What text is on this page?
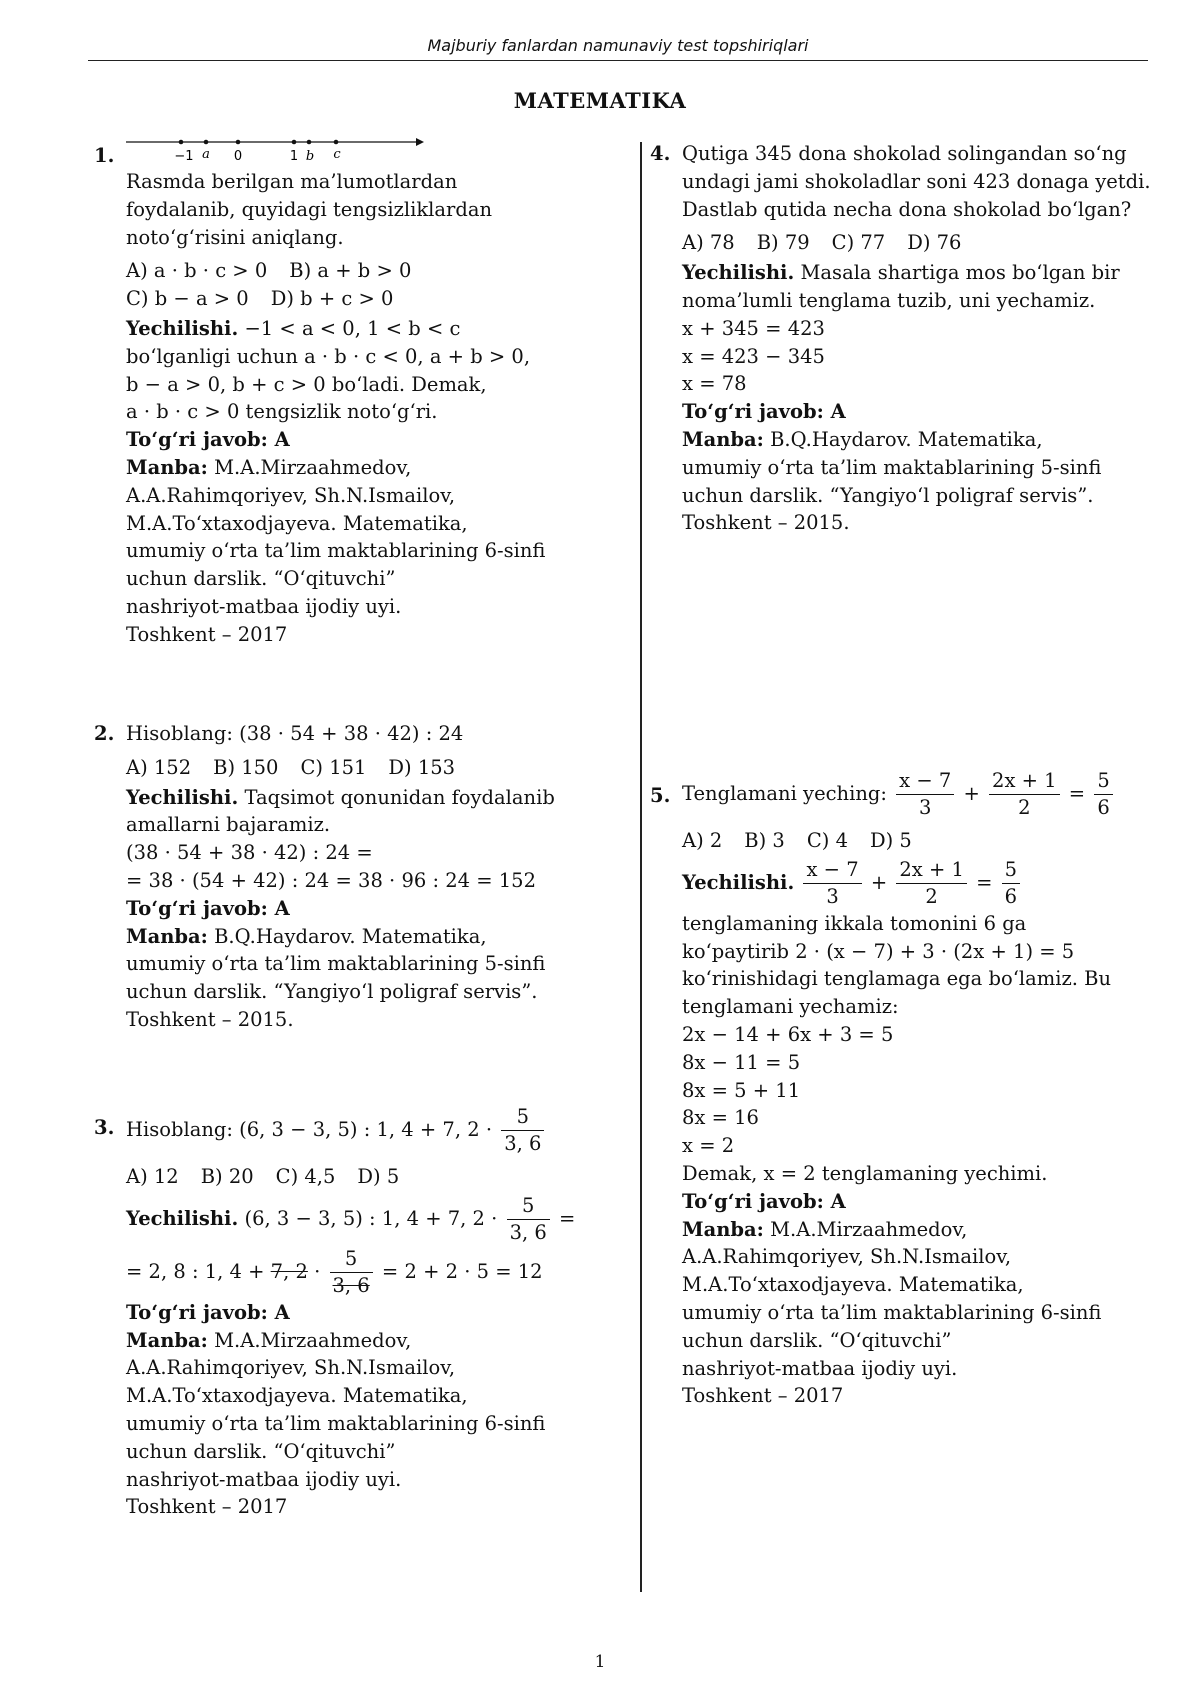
Majburiy fanlardan namunaviy test topshiriqlari
MATEMATIKA
1.	−1 a 0	1 b c
Rasmda berilgan ma’lumotlardan foydalanib, quyidagi tengsizliklardan noto‘g‘risini aniqlang.
A) a · b · c > 0 B) a + b > 0
C) b − a > 0 D) b + c > 0
Yechilishi. −1 < a < 0, 1 < b < c
bo‘lganligi uchun a · b · c < 0, a + b > 0,
b − a > 0, b + c > 0 bo‘ladi. Demak,
a · b · c > 0 tengsizlik noto‘g‘ri.
To‘g‘ri javob: A
Manba: M.A.Mirzaahmedov,
A.A.Rahimqoriyev, Sh.N.Ismailov,
M.A.To‘xtaxodjayeva. Matematika,
umumiy o‘rta ta’lim maktablarining 6-sinfi
uchun darslik. “O‘qituvchi”
nashriyot-matbaa ijodiy uyi.
Toshkent – 2017
2. Hisoblang: (38 · 54 + 38 · 42) : 24
A) 152 B) 150 C) 151 D) 153
Yechilishi. Taqsimot qonunidan foydalanib amallarni bajaramiz.
(38 · 54 + 38 · 42) : 24 =
= 38 · (54 + 42) : 24 = 38 · 96 : 24 = 152
To‘g‘ri javob: A
Manba: B.Q.Haydarov. Matematika,
umumiy o‘rta ta’lim maktablarining 5-sinfi
uchun darslik. “Yangiyo‘l poligraf servis”.
Toshkent – 2015.
3. Hisoblang: (6, 3 − 3, 5) : 1, 4 + 7, $2 \cdot \frac{5}{3, 6}$
A) 12 B) 20 C) 4,5 D) 5
Yechilishi. (6, 3 − 3, 5) : 1, 4 + 7, $2 \cdot \frac{5}{3, 6}$ =
= 2, 8 : 1, 4 + 7, $2 \cdot \frac{5}{3, 6} = 2 + 2 \cdot 5 = 12$
To‘g‘ri javob: A
Manba: M.A.Mirzaahmedov,
A.A.Rahimqoriyev, Sh.N.Ismailov,
M.A.To‘xtaxodjayeva. Matematika,
umumiy o‘rta ta’lim maktablarining 6-sinfi
uchun darslik. “O‘qituvchi”
nashriyot-matbaa ijodiy uyi.
Toshkent – 2017
4. Qutiga 345 dona shokolad solingandan so‘ng undagi jami shokoladlar soni 423 donaga yetdi. Dastlab qutida necha dona shokolad bo‘lgan?
A) 78 B) 79 C) 77 D) 76
Yechilishi. Masala shartiga mos bo‘lgan bir noma’lumli tenglama tuzib, uni yechamiz.
x + 345 = 423
x = 423 − 345
x = 78
To‘g‘ri javob: A
Manba: B.Q.Haydarov. Matematika,
umumiy o‘rta ta’lim maktablarining 5-sinfi
uchun darslik. “Yangiyo‘l poligraf servis”.
Toshkent – 2015.
5. Tenglamani yeching: $\frac{x - 7}{3} + \frac{2x + 1}{2} = \frac{5}{6}$
A) 2 B) 3 C) 4 D) 5
Yechilishi. $\frac{x - 7}{3} + \frac{2x + 1}{2} = \frac{5}{6}$
tenglamaning ikkala tomonini 6 ga
ko‘paytirib 2 · (x − 7) + 3 · (2x + 1) = 5
ko‘rinishidagi tenglamaga ega bo‘lamiz. Bu
tenglamani yechamiz:
2x − 14 + 6x + 3 = 5
8x − 11 = 5
8x = 5 + 11
8x = 16
x = 2
Demak, x = 2 tenglamaning yechimi.
To‘g‘ri javob: A
Manba: M.A.Mirzaahmedov,
A.A.Rahimqoriyev, Sh.N.Ismailov,
M.A.To‘xtaxodjayeva. Matematika,
umumiy o‘rta ta’lim maktablarining 6-sinfi
uchun darslik. “O‘qituvchi”
nashriyot-matbaa ijodiy uyi.
Toshkent – 2017
1
